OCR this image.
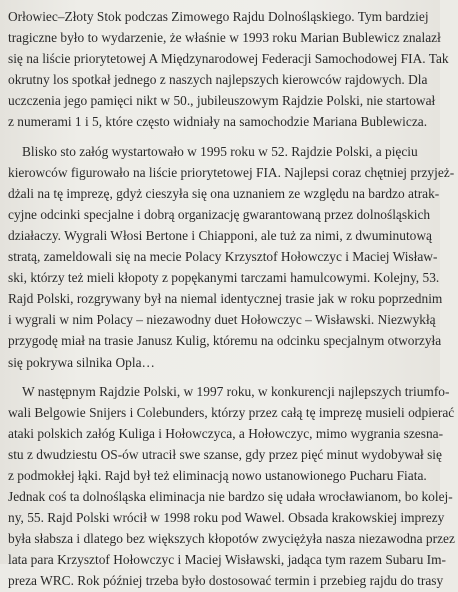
Orłowiec–Złoty Stok podczas Zimowego Rajdu Dolnośląskiego. Tym bardziej
tragiczne było to wydarzenie, że właśnie w 1993 roku Marian Bublewicz znalazł
się na liście priorytetowej A Międzynarodowej Federacji Samochodowej FIA. Tak
okrutny los spotkał jednego z naszych najlepszych kierowców rajdowych. Dla
uczczenia jego pamięci nikt w 50., jubileuszowym Rajdzie Polski, nie startował
z numerami 1 i 5, które często widniały na samochodzie Mariana Bublewicza.
Blisko sto załóg wystartowało w 1995 roku w 52. Rajdzie Polski, a pięciu
kierowców figurowało na liście priorytetowej FIA. Najlepsi coraz chętniej przyjeż-
dżali na tę imprezę, gdyż cieszyła się ona uznaniem ze względu na bardzo atrak-
cyjne odcinki specjalne i dobrą organizację gwarantowaną przez dolnośląskich
działaczy. Wygrali Włosi Bertone i Chiapponi, ale tuż za nimi, z dwuminutową
stratą, zameldowali się na mecie Polacy Krzysztof Hołowczyc i Maciej Wisław-
ski, którzy też mieli kłopoty z popękanymi tarczami hamulcowymi. Kolejny, 53.
Rajd Polski, rozgrywany był na niemal identycznej trasie jak w roku poprzednim
i wygrali w nim Polacy – niezawodny duet Hołowczyc – Wisławski. Niezwykłą
przygodę miał na trasie Janusz Kulig, któremu na odcinku specjalnym otworzyła
się pokrywa silnika Opla…
W następnym Rajdzie Polski, w 1997 roku, w konkurencji najlepszych triumfo-
wali Belgowie Snijers i Colebunders, którzy przez całą tę imprezę musieli odpierać
ataki polskich załóg Kuliga i Hołowczyca, a Hołowczyc, mimo wygrania szesna-
stu z dwudziestu OS-ów utracił swe szanse, gdy przez pięć minut wydobywał się
z podmokłej łąki. Rajd był też eliminacją nowo ustanowionego Pucharu Fiata.
Jednak coś ta dolnośląska eliminacja nie bardzo się udała wrocławianom, bo kolej-
ny, 55. Rajd Polski wrócił w 1998 roku pod Wawel. Obsada krakowskiej imprezy
była słabsza i dlatego bez większych kłopotów zwyciężyła nasza niezawodna przez
lata para Krzysztof Hołowczyc i Maciej Wisławski, jadąca tym razem Subaru Im-
preza WRC. Rok później trzeba było dostosować termin i przebieg rajdu do trasy
